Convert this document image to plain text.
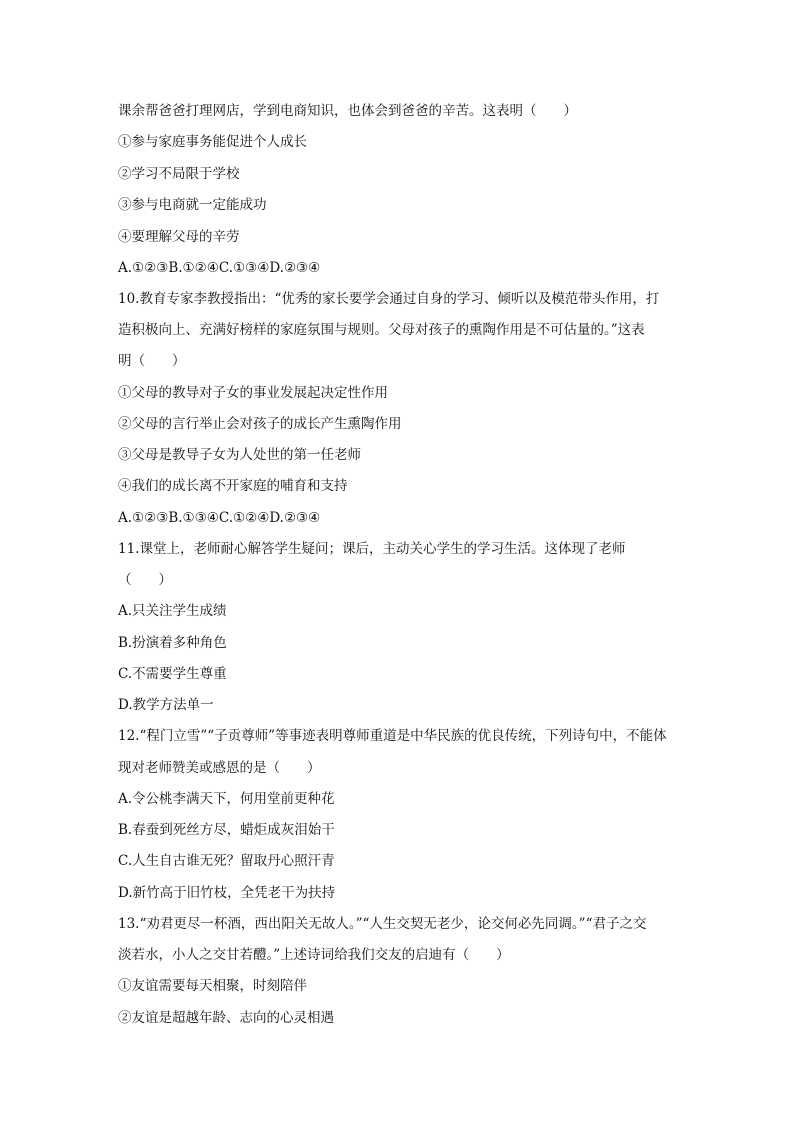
课余帮爸爸打理网店，学到电商知识，也体会到爸爸的辛苦。这表明（　　）
①参与家庭事务能促进个人成长
②学习不局限于学校
③参与电商就一定能成功
④要理解父母的辛劳
A.①②③B.①②④C.①③④D.②③④
10.教育专家李教授指出：“优秀的家长要学会通过自身的学习、倾听以及模范带头作用，打
造积极向上、充满好榜样的家庭氛围与规则。父母对孩子的熏陶作用是不可估量的。”这表
明（　　）
①父母的教导对子女的事业发展起决定性作用
②父母的言行举止会对孩子的成长产生熏陶作用
③父母是教导子女为人处世的第一任老师
④我们的成长离不开家庭的哺育和支持
A.①②③B.①③④C.①②④D.②③④
11.课堂上，老师耐心解答学生疑问；课后，主动关心学生的学习生活。这体现了老师
（　　）
A.只关注学生成绩
B.扮演着多种角色
C.不需要学生尊重
D.教学方法单一
12.“程门立雪”“子贡尊师”等事迹表明尊师重道是中华民族的优良传统，下列诗句中，不能体
现对老师赞美或感恩的是（　　）
A.令公桃李满天下，何用堂前更种花
B.春蚕到死丝方尽，蜡炬成灰泪始干
C.人生自古谁无死？留取丹心照汗青
D.新竹高于旧竹枝，全凭老干为扶持
13.“劝君更尽一杯酒，西出阳关无故人。”“人生交契无老少，论交何必先同调。”“君子之交
淡若水，小人之交甘若醴。”上述诗词给我们交友的启迪有（　　）
①友谊需要每天相聚，时刻陪伴
②友谊是超越年龄、志向的心灵相遇
